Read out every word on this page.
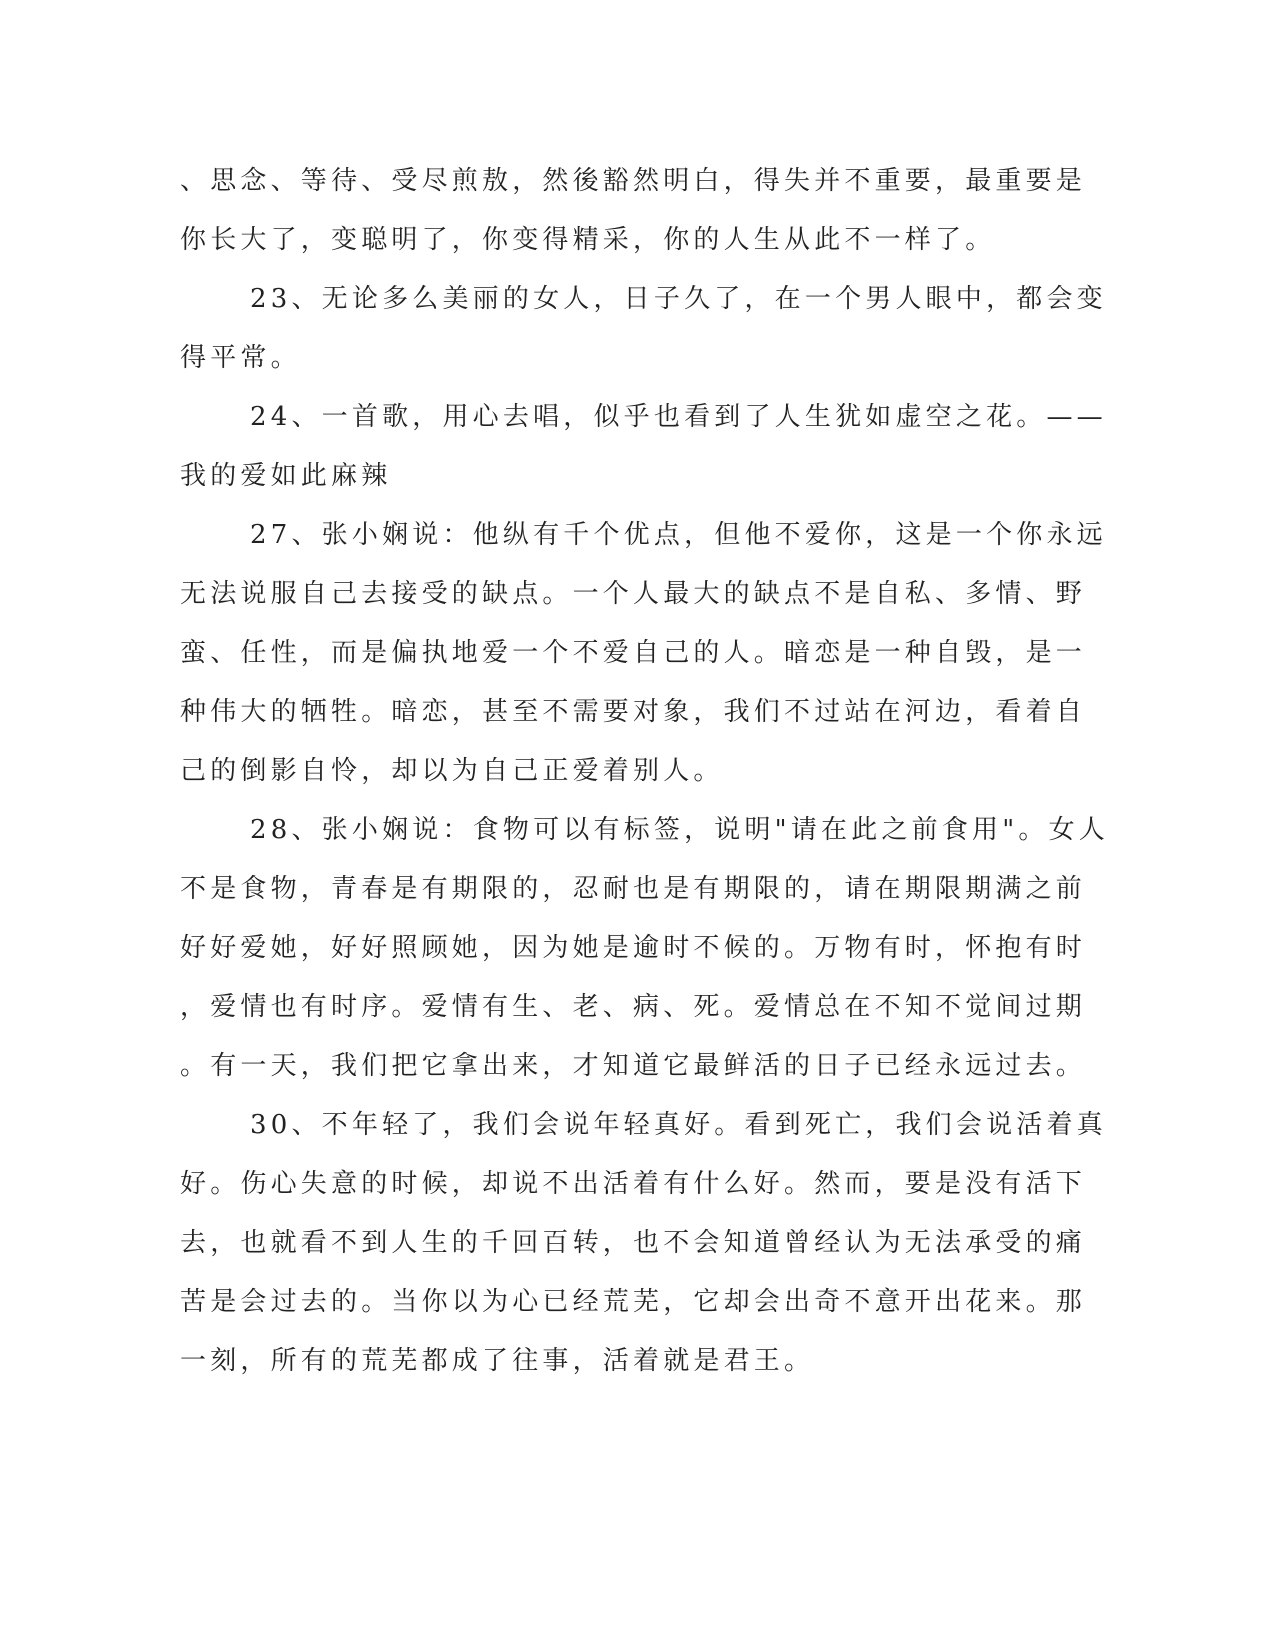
、思念、等待、受尽煎敖，然後豁然明白，得失并不重要，最重要是
你长大了，变聪明了，你变得精采，你的人生从此不一样了。
23、无论多么美丽的女人，日子久了，在一个男人眼中，都会变
得平常。
24、一首歌，用心去唱，似乎也看到了人生犹如虚空之花。——
我的爱如此麻辣
27、张小娴说：他纵有千个优点，但他不爱你，这是一个你永远
无法说服自己去接受的缺点。一个人最大的缺点不是自私、多情、野
蛮、任性，而是偏执地爱一个不爱自己的人。暗恋是一种自毁，是一
种伟大的牺牲。暗恋，甚至不需要对象，我们不过站在河边，看着自
己的倒影自怜，却以为自己正爱着别人。
28、张小娴说：食物可以有标签，说明"请在此之前食用"。女人
不是食物，青春是有期限的，忍耐也是有期限的，请在期限期满之前
好好爱她，好好照顾她，因为她是逾时不候的。万物有时，怀抱有时
，爱情也有时序。爱情有生、老、病、死。爱情总在不知不觉间过期
。有一天，我们把它拿出来，才知道它最鲜活的日子已经永远过去。
30、不年轻了，我们会说年轻真好。看到死亡，我们会说活着真
好。伤心失意的时候，却说不出活着有什么好。然而，要是没有活下
去，也就看不到人生的千回百转，也不会知道曾经认为无法承受的痛
苦是会过去的。当你以为心已经荒芜，它却会出奇不意开出花来。那
一刻，所有的荒芜都成了往事，活着就是君王。
